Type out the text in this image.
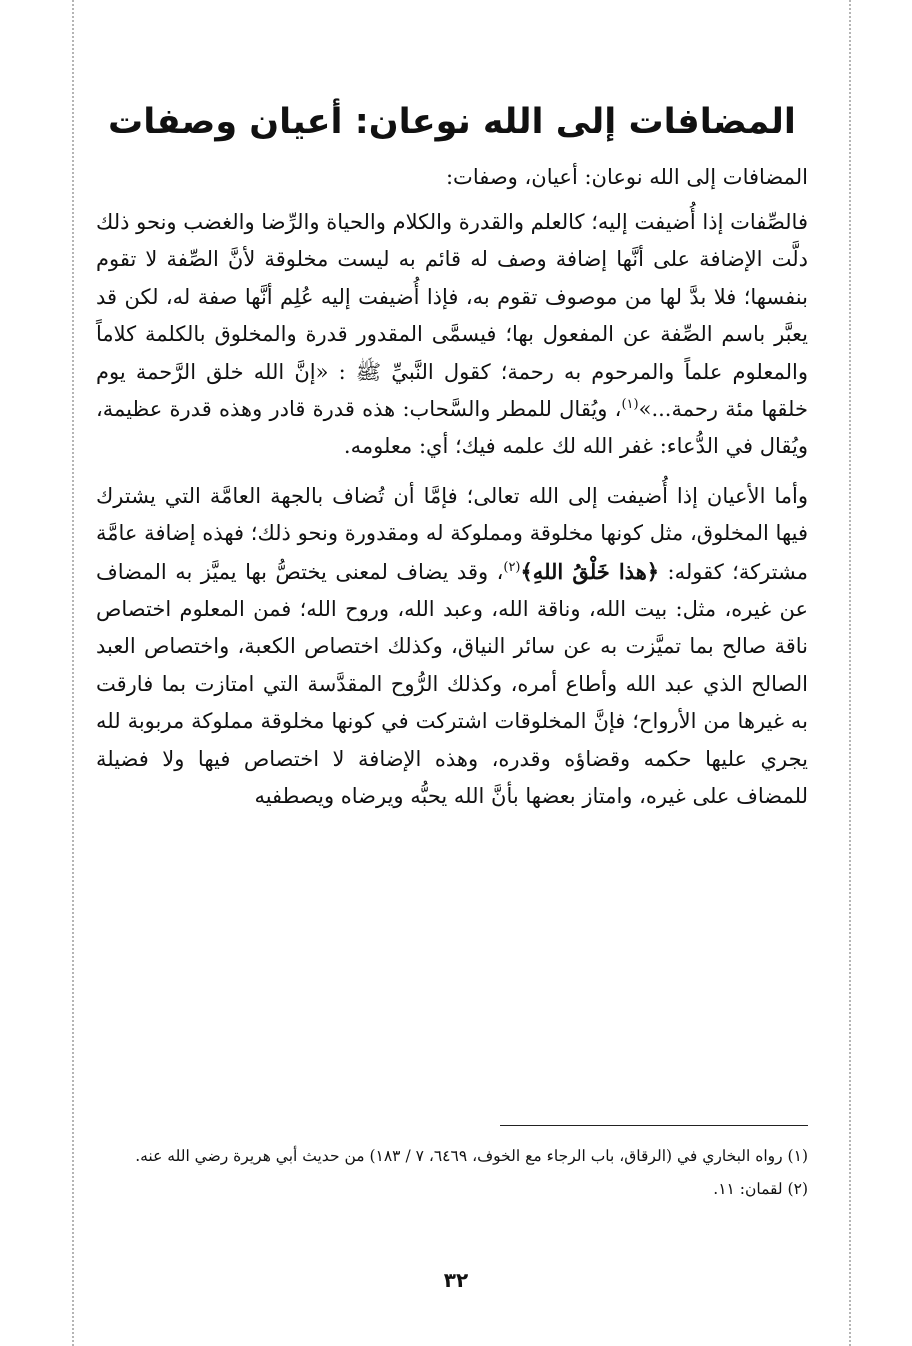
المضافات إلى الله نوعان: أعيان وصفات

المضافات إلى الله نوعان: أعيان، وصفات:

فالصِّفات إذا أُضيفت إليه؛ كالعلم والقدرة والكلام والحياة والرِّضا والغضب ونحو ذلك دلَّت الإضافة على أنَّها إضافة وصف له قائم به ليست مخلوقة لأنَّ الصِّفة لا تقوم بنفسها؛ فلا بدَّ لها من موصوف تقوم به، فإذا أُضيفت إليه عُلِم أنَّها صفة له، لكن قد يعبَّر باسم الصِّفة عن المفعول بها؛ فيسمَّى المقدور قدرة والمخلوق بالكلمة كلاماً والمعلوم علماً والمرحوم به رحمة؛ كقول النَّبيِّ ﷺ : «إنَّ الله خلق الرَّحمة يوم خلقها مئة رحمة...»$^{(١)}$، ويُقال للمطر والسَّحاب: هذه قدرة قادر وهذه قدرة عظيمة، ويُقال في الدُّعاء: غفر الله لك علمه فيك؛ أي: معلومه.

وأما الأعيان إذا أُضيفت إلى الله تعالى؛ فإمَّا أن تُضاف بالجهة العامَّة التي يشترك فيها المخلوق، مثل كونها مخلوقة ومملوكة له ومقدورة ونحو ذلك؛ فهذه إضافة عامَّة مشتركة؛ كقوله: ﴿هذا خَلْقُ اللهِ﴾$^{(٢)}$، وقد يضاف لمعنى يختصُّ بها يميَّز به المضاف عن غيره، مثل: بيت الله، وناقة الله، وعبد الله، وروح الله؛ فمن المعلوم اختصاص ناقة صالح بما تميَّزت به عن سائر النياق، وكذلك اختصاص الكعبة، واختصاص العبد الصالح الذي عبد الله وأطاع أمره، وكذلك الرُّوح المقدَّسة التي امتازت بما فارقت به غيرها من الأرواح؛ فإنَّ المخلوقات اشتركت في كونها مخلوقة مملوكة مربوبة لله يجري عليها حكمه وقضاؤه وقدره، وهذه الإضافة لا اختصاص فيها ولا فضيلة للمضاف على غيره، وامتاز بعضها بأنَّ الله يحبُّه ويرضاه ويصطفيه

(١) رواه البخاري في (الرقاق، باب الرجاء مع الخوف، ٦٤٦٩، ٧ / ١٨٣) من حديث أبي هريرة رضي الله عنه.

(٢) لقمان: ١١.

٣٢
